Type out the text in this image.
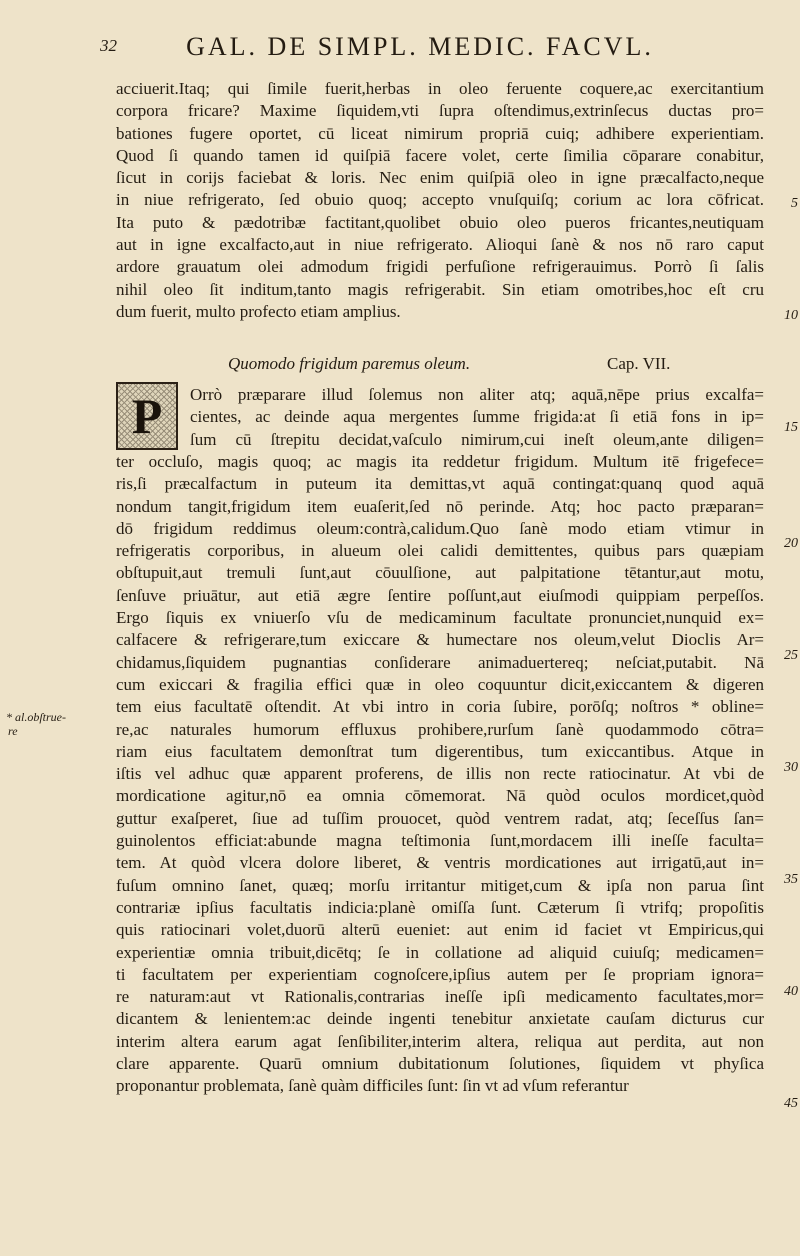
32	GAL. DE SIMPL. MEDIC. FACVL.
acciuerit.Itaq; qui ſimile fuerit,herbas in oleo feruente coquere,ac exercitantium
corpora fricare? Maxime ſiquidem,vti ſupra oſtendimus,extrinſecus ductas pro=
bationes fugere oportet, cū liceat nimirum propriā cuiq; adhibere experientiam.
Quod ſi quando tamen id quiſpiā facere volet, certe ſimilia cōparare conabitur,
ſicut in corijs faciebat & loris. Nec enim quiſpiā oleo in igne præcalfacto,neque
in niue refrigerato, ſed obuio quoq; accepto vnuſquiſq; corium ac lora cōfricat.
Ita puto & pædotribæ factitant,quolibet obuio oleo pueros fricantes,neutiquam
aut in igne excalfacto,aut in niue refrigerato. Alioqui ſanè & nos nō raro caput
ardore grauatum olei admodum frigidi perfuſione refrigerauimus. Porrò ſi ſalis
nihil oleo ſit inditum,tanto magis refrigerabit. Sin etiam omotribes,hoc eſt cru
dum fuerit, multo profecto etiam amplius.
Quomodo frigidum paremus oleum.	Cap. VII.
P	Orrò præparare illud ſolemus non aliter atq; aquā,nēpe prius excalfa=
cientes, ac deinde aqua mergentes ſumme frigida:at ſi etiā fons in ip=
ſum cū ſtrepitu decidat,vaſculo nimirum,cui ineſt oleum,ante diligen=
ter occluſo, magis quoq; ac magis ita reddetur frigidum. Multum itē frigefece=
ris,ſi præcalfactum in puteum ita demittas,vt aquā contingat:quanq quod aquā
nondum tangit,frigidum item euaſerit,ſed nō perinde. Atq; hoc pacto præparan=
dō frigidum reddimus oleum:contrà,calidum.Quo ſanè modo etiam vtimur in
refrigeratis corporibus, in alueum olei calidi demittentes, quibus pars quæpiam
obſtupuit,aut tremuli ſunt,aut cōuulſione, aut palpitatione tētantur,aut motu,
ſenſuve priuātur, aut etiā ægre ſentire poſſunt,aut eiuſmodi quippiam perpeſſos.
Ergo ſiquis ex vniuerſo vſu de medicaminum facultate pronunciet,nunquid ex=
calfacere & refrigerare,tum exiccare & humectare nos oleum,velut Dioclis Ar=
chidamus,ſiquidem pugnantias conſiderare animaduertereq; neſciat,putabit. Nā
cum exiccari & fragilia effici quæ in oleo coquuntur dicit,exiccantem & digeren
tem eius facultatē oſtendit. At vbi intro in coria ſubire, porōſq; noſtros * obline=
re,ac naturales humorum effluxus prohibere,rurſum ſanè quodammodo cōtra=
riam eius facultatem demonſtrat tum digerentibus, tum exiccantibus. Atque in
iſtis vel adhuc quæ apparent proferens, de illis non recte ratiocinatur. At vbi de
mordicatione agitur,nō ea omnia cōmemorat. Nā quòd oculos mordicet,quòd
guttur exaſperet, ſiue ad tuſſim prouocet, quòd ventrem radat, atq; ſeceſſus ſan=
guinolentos efficiat:abunde magna teſtimonia ſunt,mordacem illi ineſſe faculta=
tem. At quòd vlcera dolore liberet, & ventris mordicationes aut irrigatū,aut in=
fuſum omnino ſanet, quæq; morſu irritantur mitiget,cum & ipſa non parua ſint
contrariæ ipſius facultatis indicia:planè omiſſa ſunt. Cæterum ſi vtrifq; propoſitis
quis ratiocinari volet,duorū alterū eueniet: aut enim id faciet vt Empiricus,qui
experientiæ omnia tribuit,dicētq; ſe in collatione ad aliquid cuiuſq; medicamen=
ti facultatem per experientiam cognoſcere,ipſius autem per ſe propriam ignora=
re naturam:aut vt Rationalis,contrarias ineſſe ipſi medicamento facultates,mor=
dicantem & lenientem:ac deinde ingenti tenebitur anxietate cauſam dicturus cur
interim altera earum agat ſenſibiliter,interim altera, reliqua aut perdita, aut non
clare apparente. Quarū omnium dubitationum ſolutiones, ſiquidem vt phyſica
proponantur problemata, ſanè quàm difficiles ſunt: ſin vt ad vſum referantur
5
10
15
20
25
30
35
40
45
* al.obſtrue-
re
